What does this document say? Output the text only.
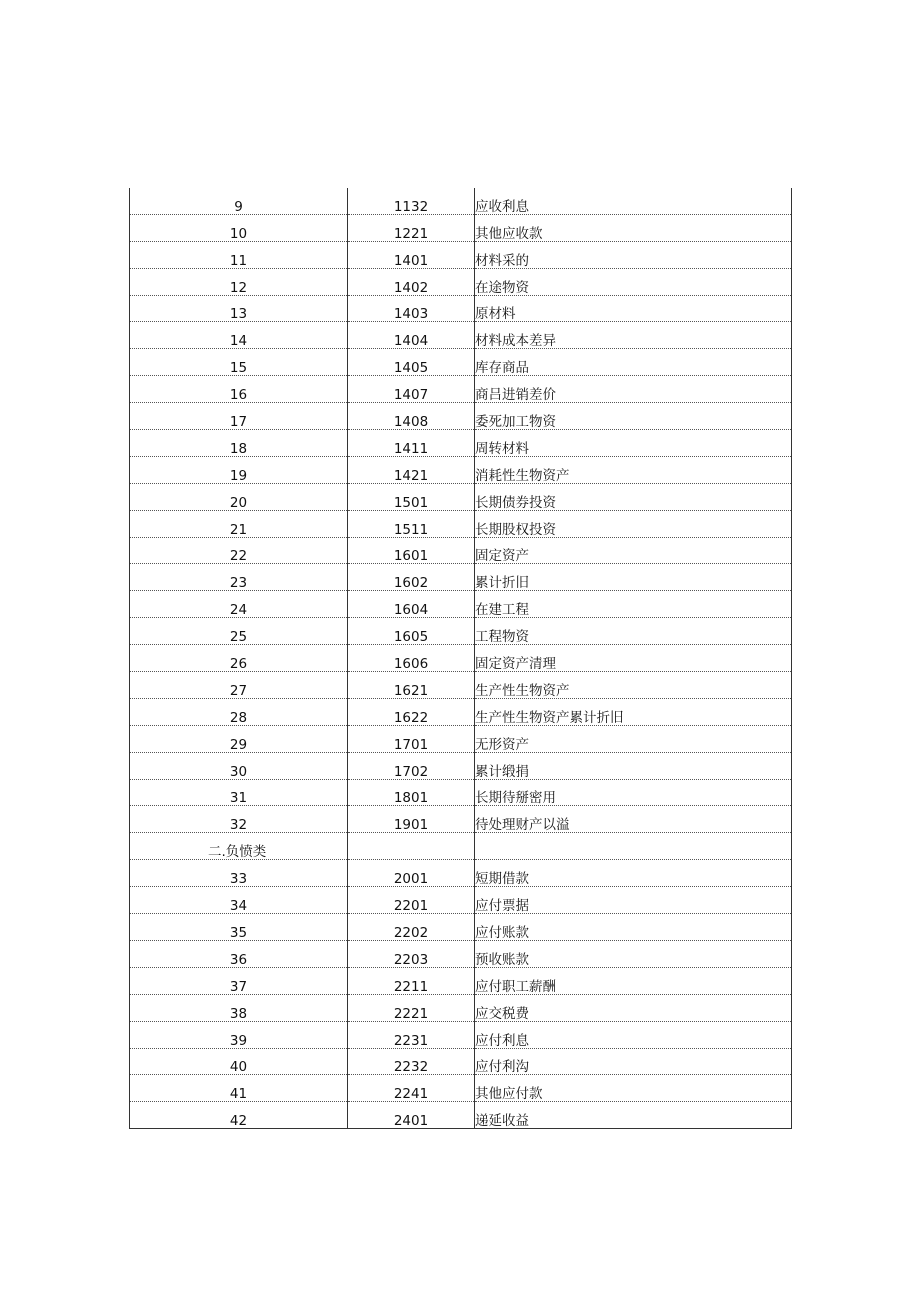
9	1132	应收利息
10	1221	其他应收款
11	1401	材料采的
12	1402	在途物资
13	1403	原材料
14	1404	材料成本差异
15	1405	库存商品
16	1407	商吕进销差价
17	1408	委死加工物资
18	1411	周转材料
19	1421	消耗性生物资产
20	1501	长期债券投资
21	1511	长期股权投资
22	1601	固定资产
23	1602	累计折旧
24	1604	在建工程
25	1605	工程物资
26	1606	固定资产清理
27	1621	生产性生物资产
28	1622	生产性生物资产累计折旧
29	1701	无形资产
30	1702	累计缎捐
31	1801	长期待掰密用
32	1901	待处理财产以溢
二.负愤类		
33	2001	短期借款
34	2201	应付票据
35	2202	应付账款
36	2203	预收账款
37	2211	应付职工薪酬
38	2221	应交税费
39	2231	应付利息
40	2232	应付利沟
41	2241	其他应付款
42	2401	递延收益
